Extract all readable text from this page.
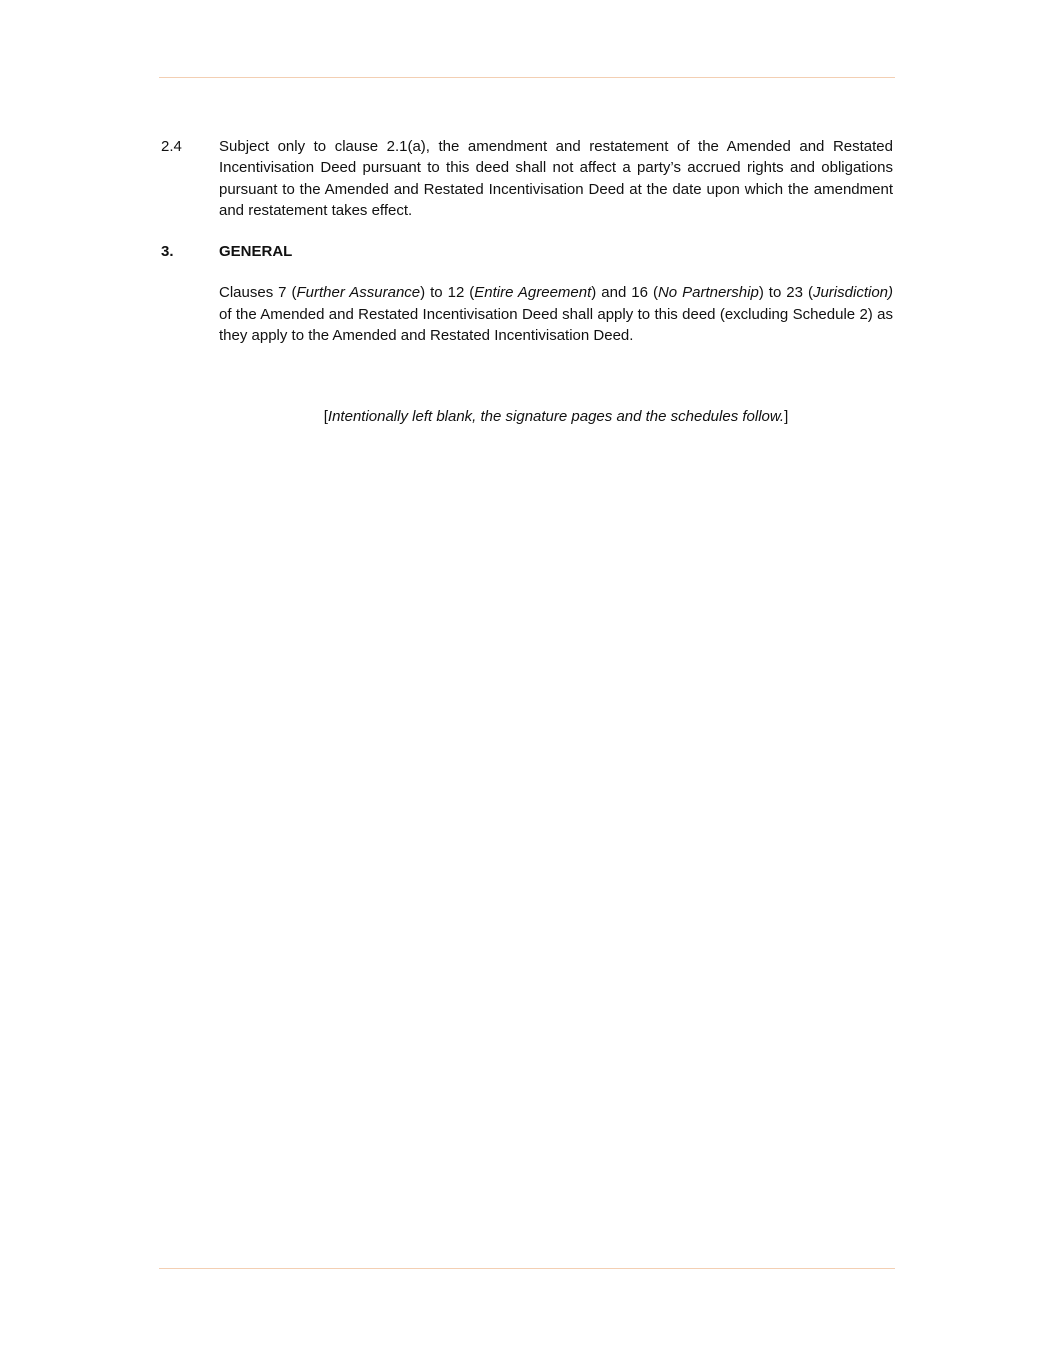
2.4	Subject only to clause 2.1(a), the amendment and restatement of the Amended and Restated Incentivisation Deed pursuant to this deed shall not affect a party’s accrued rights and obligations pursuant to the Amended and Restated Incentivisation Deed at the date upon which the amendment and restatement takes effect.
3.	GENERAL
Clauses 7 (Further Assurance) to 12 (Entire Agreement) and 16 (No Partnership) to 23 (Jurisdiction) of the Amended and Restated Incentivisation Deed shall apply to this deed (excluding Schedule 2) as they apply to the Amended and Restated Incentivisation Deed.
[Intentionally left blank, the signature pages and the schedules follow.]
